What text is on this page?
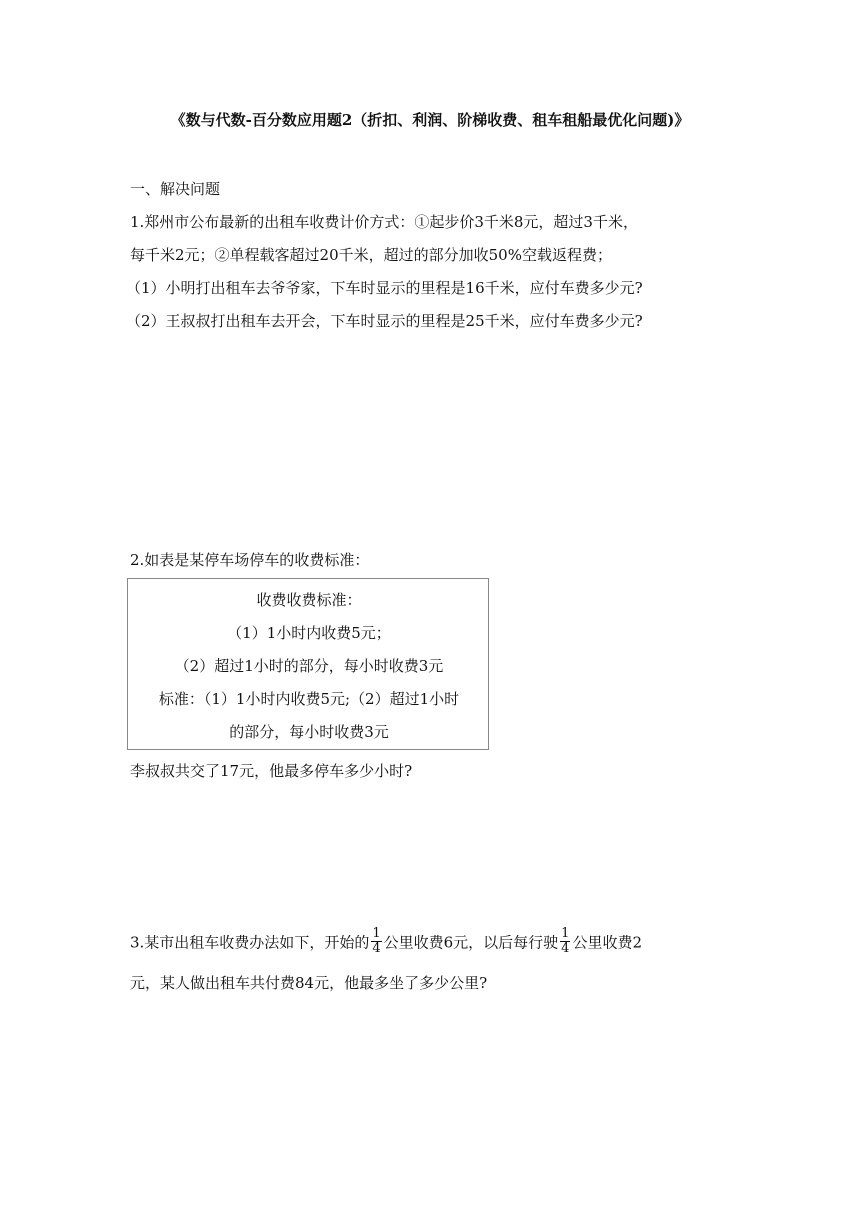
《数与代数-百分数应用题2（折扣、利润、阶梯收费、租车租船最优化问题)》
一、解决问题
1.郑州市公布最新的出租车收费计价方式：①起步价3千米8元，超过3千米，
每千米2元；②单程载客超过20千米，超过的部分加收50%空载返程费；
（1）小明打出租车去爷爷家，下车时显示的里程是16千米，应付车费多少元?
（2）王叔叔打出租车去开会，下车时显示的里程是25千米，应付车费多少元?
2.如表是某停车场停车的收费标准：
收费收费标准：
（1）1小时内收费5元；
（2）超过1小时的部分，每小时收费3元
标准：（1）1小时内收费5元;（2）超过1小时
的部分，每小时收费3元
李叔叔共交了17元，他最多停车多少小时?
3.某市出租车收费办法如下，开始的 $\frac{1}{4}$ 公里收费6元，以后每行驶 $\frac{1}{4}$ 公里收费2
元，某人做出租车共付费84元，他最多坐了多少公里?
